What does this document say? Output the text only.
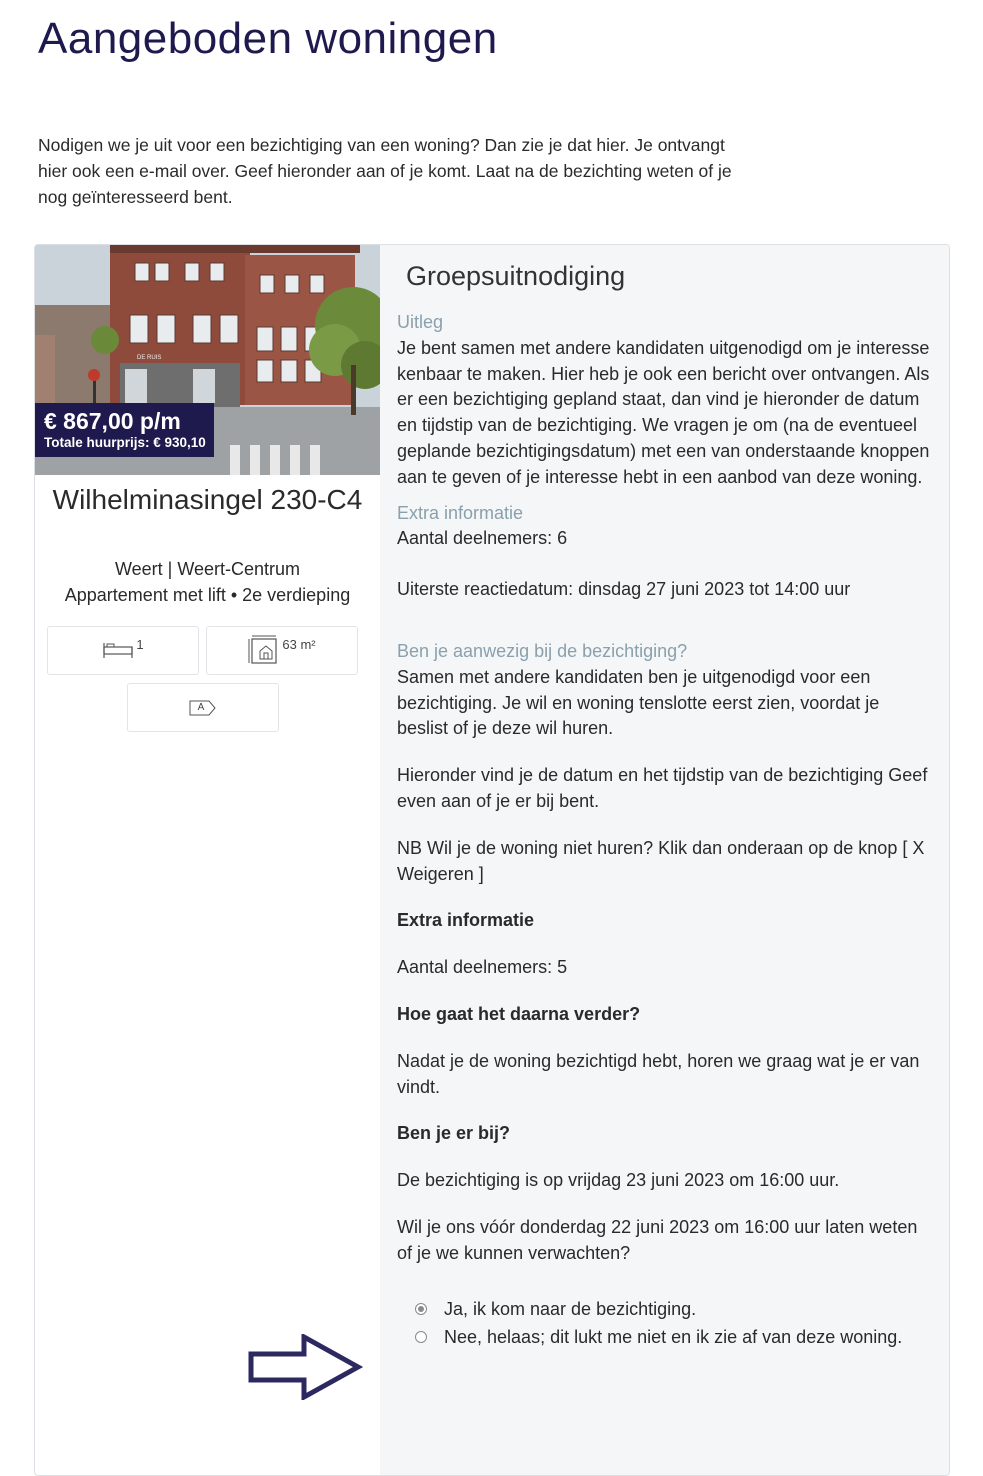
Aangeboden woningen

Nodigen we je uit voor een bezichtiging van een woning? Dan zie je dat hier. Je ontvangt hier ook een e-mail over. Geef hieronder aan of je komt. Laat na de bezichting weten of je nog geïnteresseerd bent.

DE RUIS
€ 867,00 p/m
Totale huurprijs: € 930,10
Wilhelminasingel 230-C4
Weert | Weert-Centrum
Appartement met lift • 2e verdieping
1	63 m²
A
Groepsuitnodiging

Uitleg

Je bent samen met andere kandidaten uitgenodigd om je interesse kenbaar te maken. Hier heb je ook een bericht over ontvangen. Als er een bezichtiging gepland staat, dan vind je hieronder de datum en tijdstip van de bezichtiging. We vragen je om (na de eventueel geplande bezichtigingsdatum) met een van onderstaande knoppen aan te geven of je interesse hebt in een aanbod van deze woning.

Extra informatie

Aantal deelnemers: 6

Uiterste reactiedatum: dinsdag 27 juni 2023 tot 14:00 uur

Ben je aanwezig bij de bezichtiging?

Samen met andere kandidaten ben je uitgenodigd voor een bezichtiging. Je wil en woning tenslotte eerst zien, voordat je beslist of je deze wil huren.

Hieronder vind je de datum en het tijdstip van de bezichtiging Geef even aan of je er bij bent.

NB Wil je de woning niet huren? Klik dan onderaan op de knop [ X Weigeren ]

Extra informatie

Aantal deelnemers: 5

Hoe gaat het daarna verder?

Nadat je de woning bezichtigd hebt, horen we graag wat je er van vindt.

Ben je er bij?

De bezichtiging is op vrijdag 23 juni 2023 om 16:00 uur.

Wil je ons vóór donderdag 22 juni 2023 om 16:00 uur laten weten of je we kunnen verwachten?

Ja, ik kom naar de bezichtiging.
Nee, helaas; dit lukt me niet en ik zie af van deze woning.
